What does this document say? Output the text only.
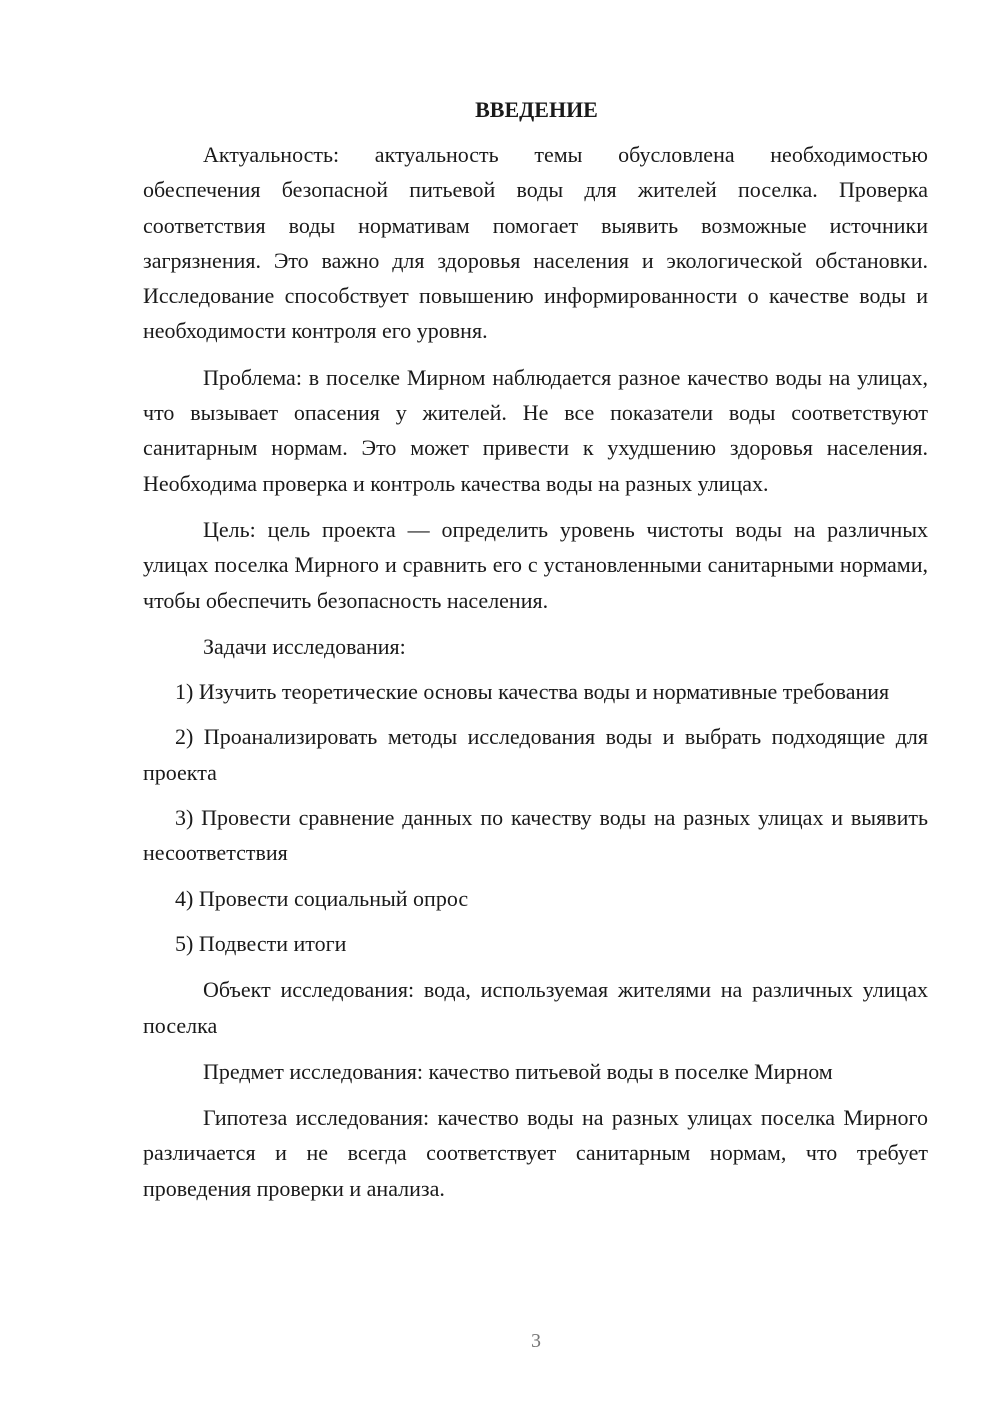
ВВЕДЕНИЕ

Актуальность: актуальность темы обусловлена необходимостью обеспечения безопасной питьевой воды для жителей поселка. Проверка соответствия воды нормативам помогает выявить возможные источники загрязнения. Это важно для здоровья населения и экологической обстановки. Исследование способствует повышению информированности о качестве воды и необходимости контроля его уровня.

Проблема: в поселке Мирном наблюдается разное качество воды на улицах, что вызывает опасения у жителей. Не все показатели воды соответствуют санитарным нормам. Это может привести к ухудшению здоровья населения. Необходима проверка и контроль качества воды на разных улицах.

Цель: цель проекта — определить уровень чистоты воды на различных улицах поселка Мирного и сравнить его с установленными санитарными нормами, чтобы обеспечить безопасность населения.

Задачи исследования:

1) Изучить теоретические основы качества воды и нормативные требования

2) Проанализировать методы исследования воды и выбрать подходящие для проекта

3) Провести сравнение данных по качеству воды на разных улицах и выявить несоответствия

4) Провести социальный опрос

5) Подвести итоги

Объект исследования: вода, используемая жителями на различных улицах поселка

Предмет исследования: качество питьевой воды в поселке Мирном

Гипотеза исследования: качество воды на разных улицах поселка Мирного различается и не всегда соответствует санитарным нормам, что требует проведения проверки и анализа.

3
